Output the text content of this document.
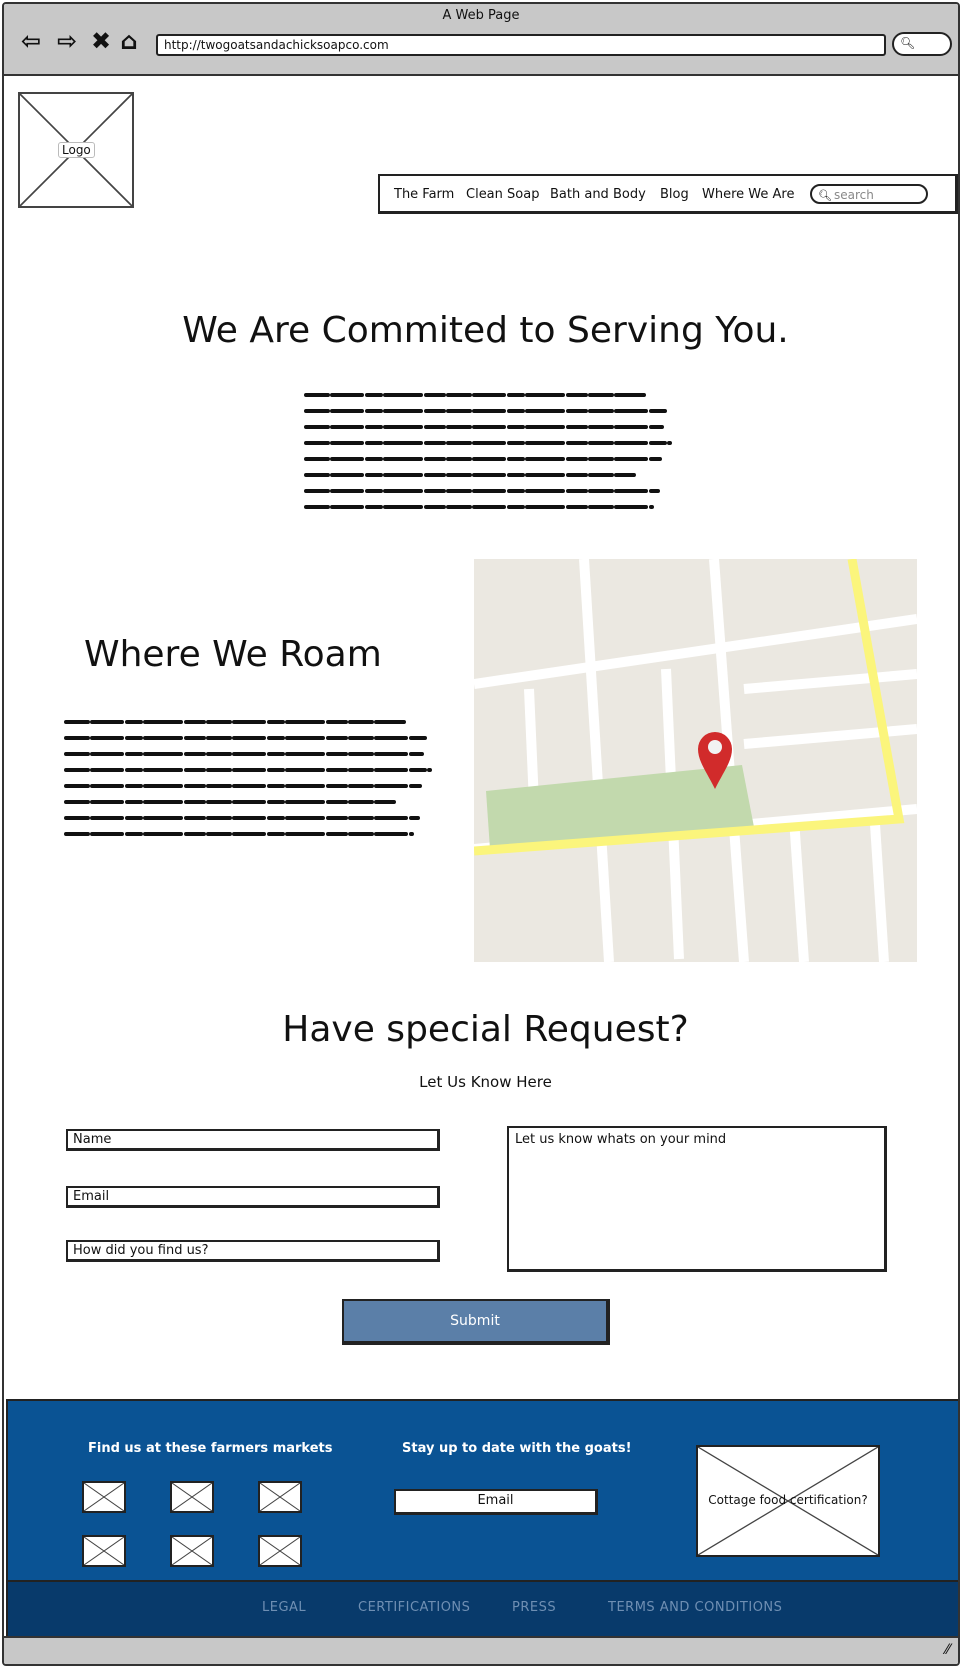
A Web Page
⇦ ⇨ ✖ ⌂	http://twogoatsandachicksoapco.com	🔍︎
Logo
The Farm Clean Soap Bath and Body Blog Where We Are 🔍︎ search
We Are Commited to Serving You.
Where We Roam
Have special Request?
Let Us Know Here
Name
Email
How did you find us?
Let us know whats on your mind
Submit
Find us at these farmers markets	Stay up to date with the goats!
Email	Cottage food certification?
LEGAL	CERTIFICATIONS	PRESS	TERMS AND CONDITIONS
⁄⁄
